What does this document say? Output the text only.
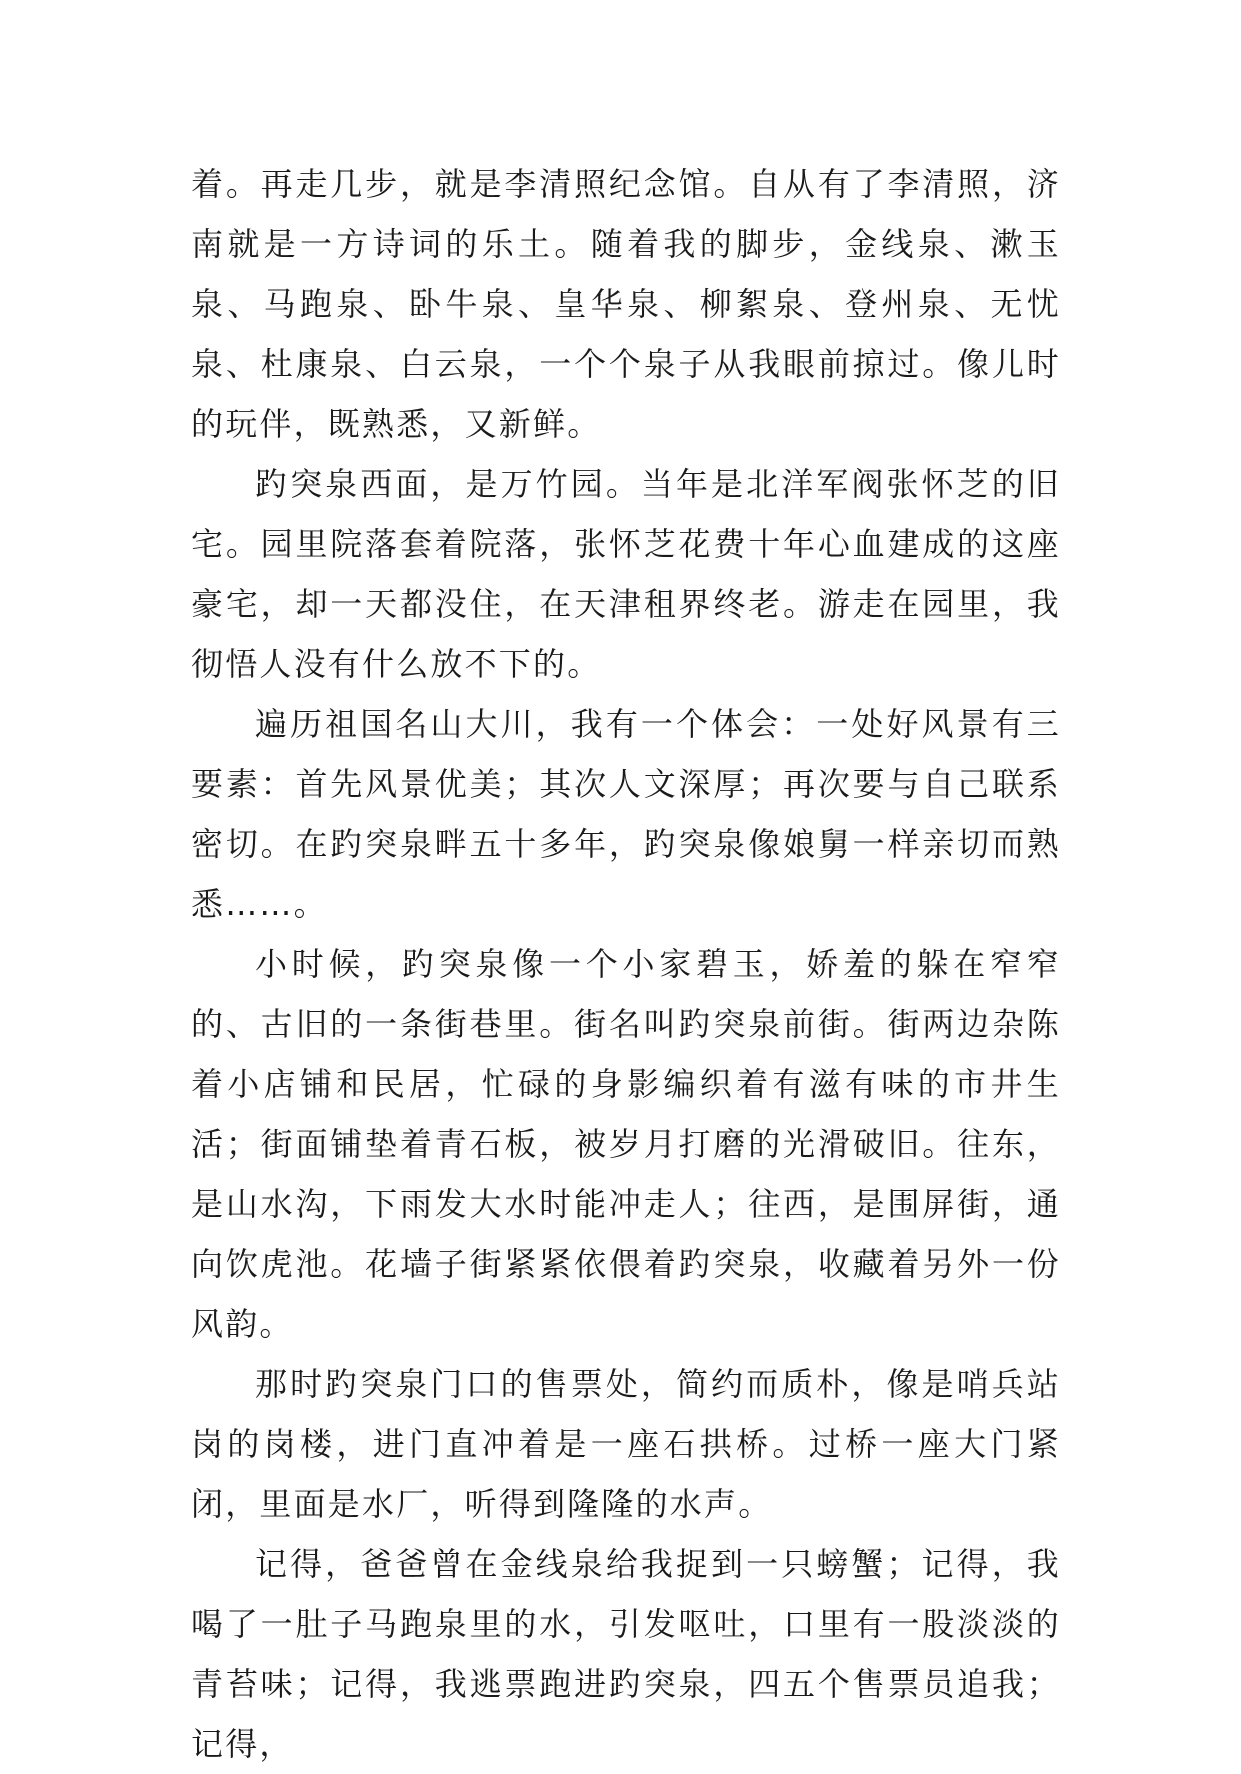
着。再走几步，就是李清照纪念馆。自从有了李清照，济南就是一方诗词的乐土。随着我的脚步，金线泉、漱玉泉、马跑泉、卧牛泉、皇华泉、柳絮泉、登州泉、无忧泉、杜康泉、白云泉，一个个泉子从我眼前掠过。像儿时的玩伴，既熟悉，又新鲜。

趵突泉西面，是万竹园。当年是北洋军阀张怀芝的旧宅。园里院落套着院落，张怀芝花费十年心血建成的这座豪宅，却一天都没住，在天津租界终老。游走在园里，我彻悟人没有什么放不下的。

遍历祖国名山大川，我有一个体会：一处好风景有三要素：首先风景优美；其次人文深厚；再次要与自己联系密切。在趵突泉畔五十多年，趵突泉像娘舅一样亲切而熟悉……。

小时候，趵突泉像一个小家碧玉，娇羞的躲在窄窄的、古旧的一条街巷里。街名叫趵突泉前街。街两边杂陈着小店铺和民居，忙碌的身影编织着有滋有味的市井生活；街面铺垫着青石板，被岁月打磨的光滑破旧。往东，是山水沟，下雨发大水时能冲走人；往西，是围屏街，通向饮虎池。花墙子街紧紧依偎着趵突泉，收藏着另外一份风韵。

那时趵突泉门口的售票处，简约而质朴，像是哨兵站岗的岗楼，进门直冲着是一座石拱桥。过桥一座大门紧闭，里面是水厂，听得到隆隆的水声。

记得，爸爸曾在金线泉给我捉到一只螃蟹；记得，我喝了一肚子马跑泉里的水，引发呕吐，口里有一股淡淡的青苔味；记得，我逃票跑进趵突泉，四五个售票员追我；记得，
